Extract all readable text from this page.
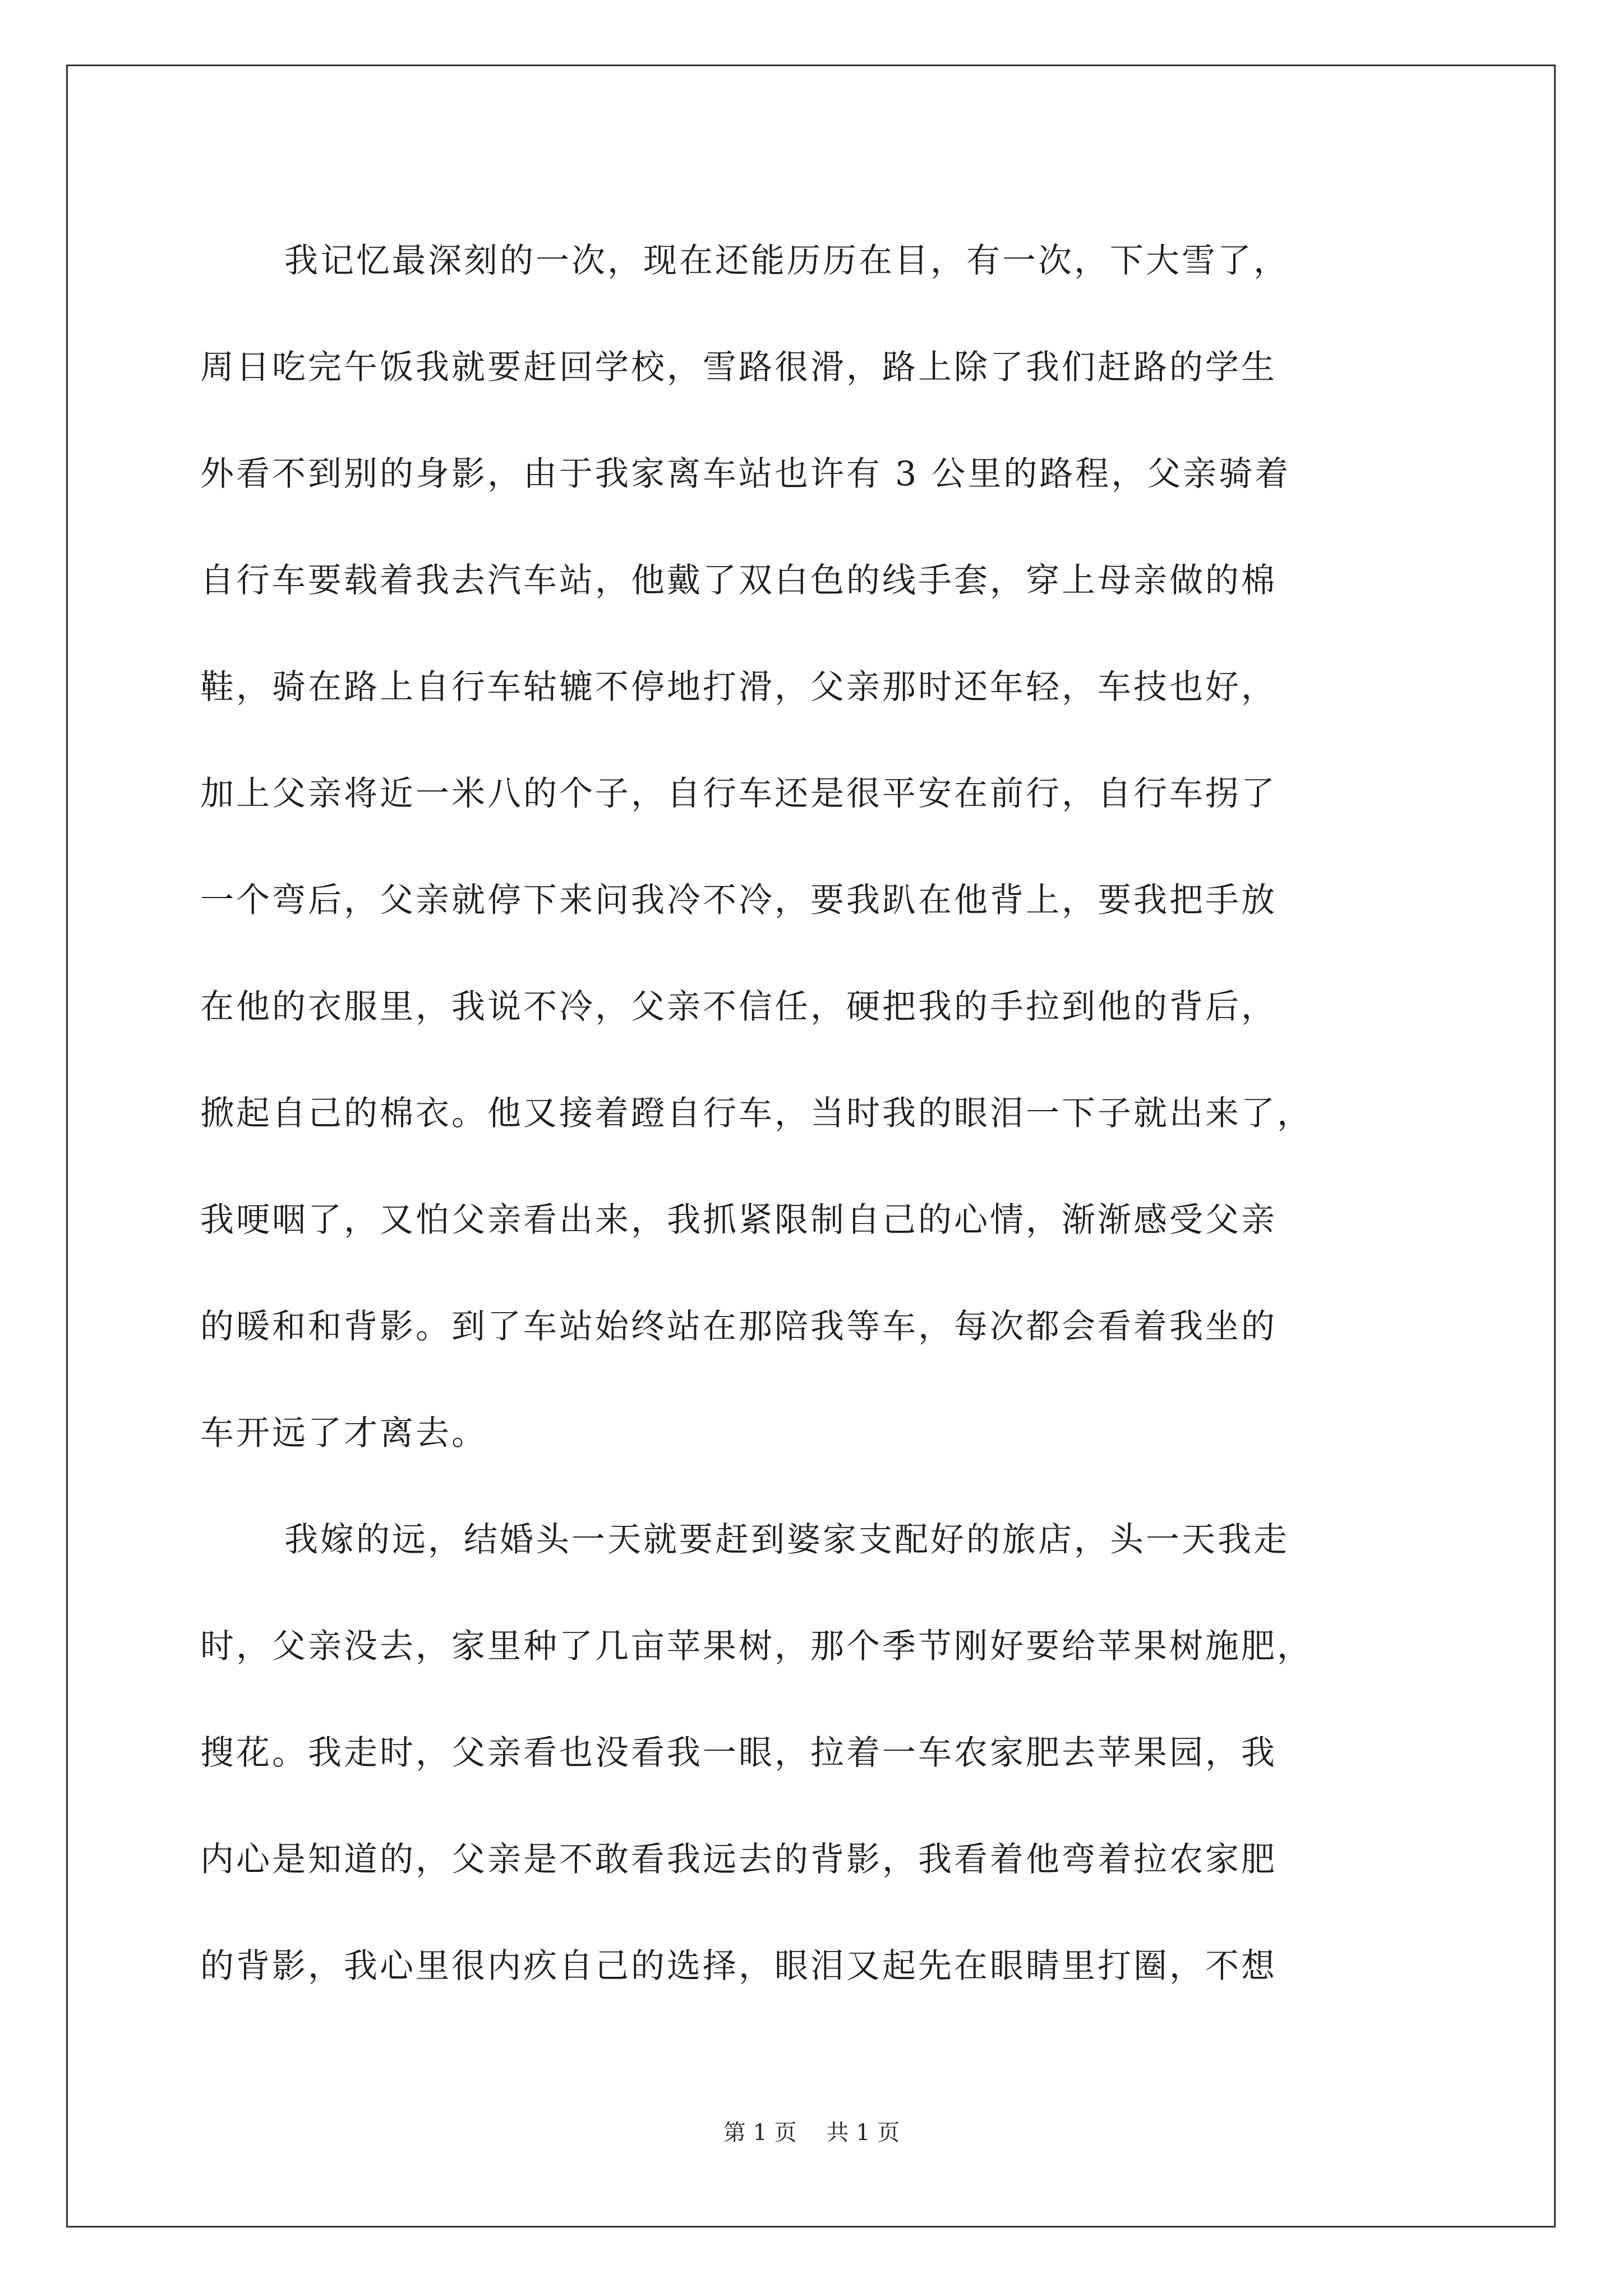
我记忆最深刻的一次，现在还能历历在目，有一次，下大雪了，
周日吃完午饭我就要赶回学校，雪路很滑，路上除了我们赶路的学生
外看不到别的身影，由于我家离车站也许有 3 公里的路程，父亲骑着
自行车要载着我去汽车站，他戴了双白色的线手套，穿上母亲做的棉
鞋，骑在路上自行车轱辘不停地打滑，父亲那时还年轻，车技也好，
加上父亲将近一米八的个子，自行车还是很平安在前行，自行车拐了
一个弯后，父亲就停下来问我冷不冷，要我趴在他背上，要我把手放
在他的衣服里，我说不冷，父亲不信任，硬把我的手拉到他的背后，
掀起自己的棉衣。他又接着蹬自行车，当时我的眼泪一下子就出来了，
我哽咽了，又怕父亲看出来，我抓紧限制自己的心情，渐渐感受父亲
的暖和和背影。到了车站始终站在那陪我等车，每次都会看着我坐的
车开远了才离去。
我嫁的远，结婚头一天就要赶到婆家支配好的旅店，头一天我走
时，父亲没去，家里种了几亩苹果树，那个季节刚好要给苹果树施肥，
搜花。我走时，父亲看也没看我一眼，拉着一车农家肥去苹果园，我
内心是知道的，父亲是不敢看我远去的背影，我看着他弯着拉农家肥
的背影，我心里很内疚自己的选择，眼泪又起先在眼睛里打圈，不想
第 1 页 共 1 页
